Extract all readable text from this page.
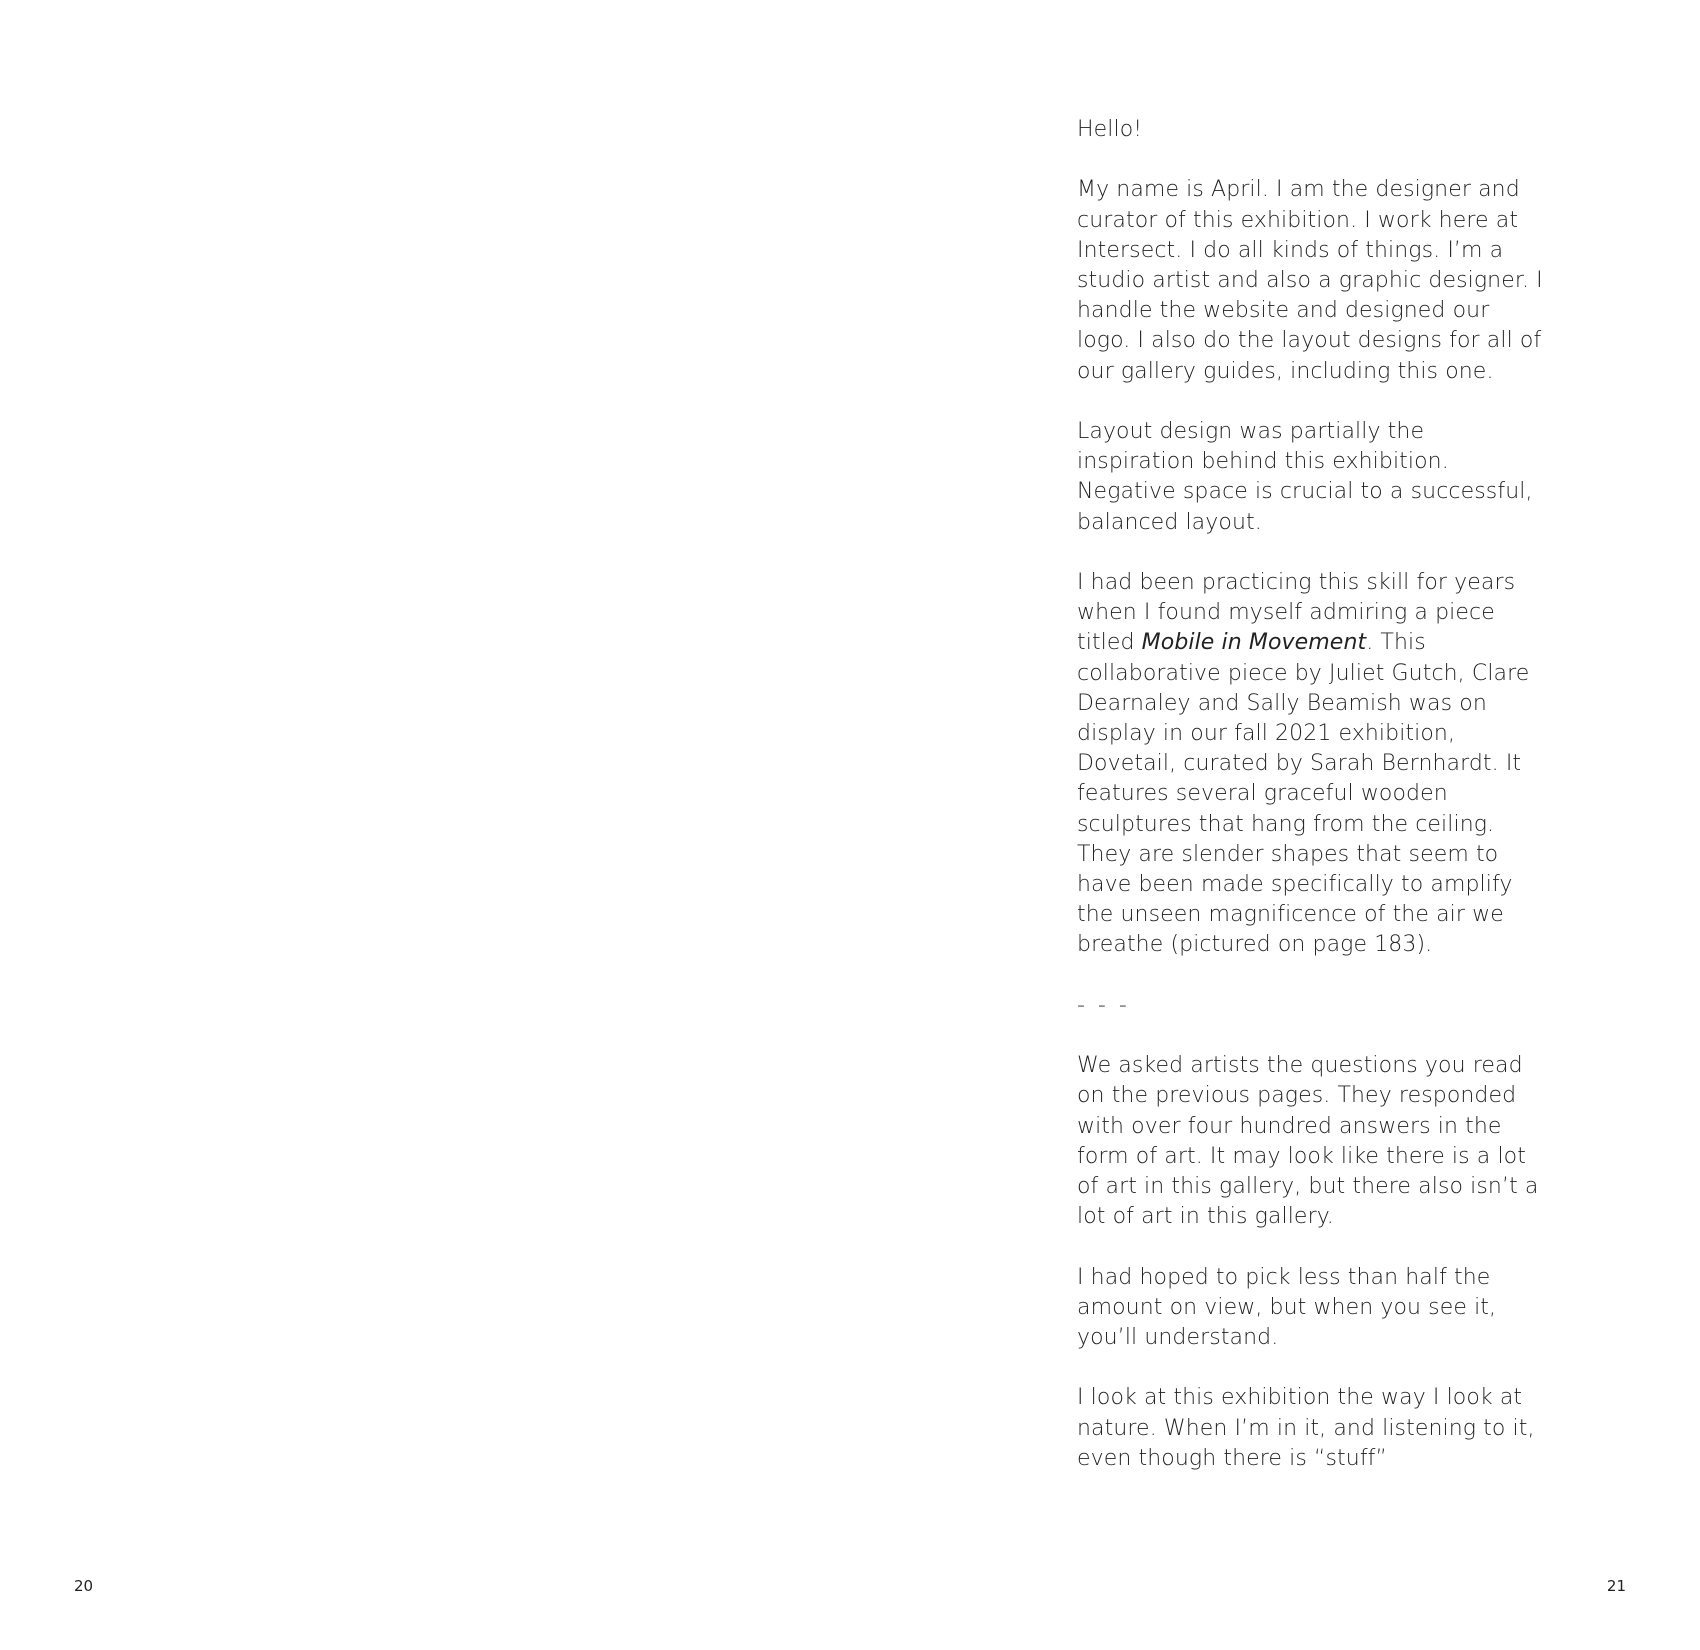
20

Hello!

My name is April. I am the designer and curator of this exhibition. I work here at Intersect. I do all kinds of things. I’m a studio artist and also a graphic designer. I handle the website and designed our logo. I also do the layout designs for all of our gallery guides, including this one.

Layout design was partially the inspiration behind this exhibition. Negative space is crucial to a successful, balanced layout.

I had been practicing this skill for years when I found myself admiring a piece titled Mobile in Movement. This collaborative piece by Juliet Gutch, Clare Dearnaley and Sally Beamish was on display in our fall 2021 exhibition, Dovetail, curated by Sarah Bernhardt. It features several graceful wooden sculptures that hang from the ceiling. They are slender shapes that seem to have been made specifically to amplify the unseen magnificence of the air we breathe (pictured on page 183).

- - -

We asked artists the questions you read on the previous pages. They responded with over four hundred answers in the form of art. It may look like there is a lot of art in this gallery, but there also isn’t a lot of art in this gallery.

I had hoped to pick less than half the amount on view, but when you see it, you’ll understand.

I look at this exhibition the way I look at nature. When I’m in it, and listening to it, even though there is “stuff”

21
